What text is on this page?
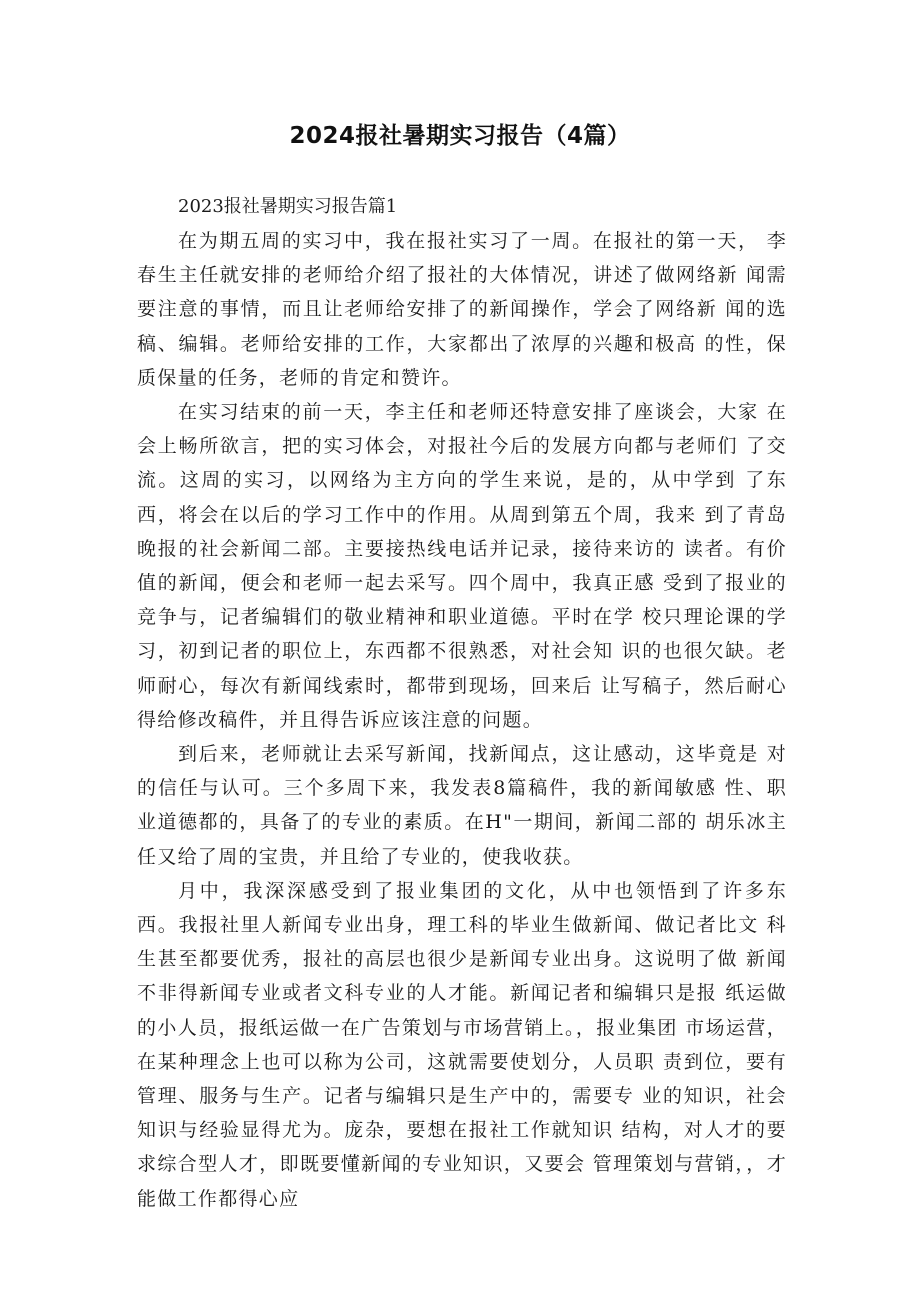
2024报社暑期实习报告（4篇）

2023报社暑期实习报告篇1

在为期五周的实习中，我在报社实习了一周。在报社的第一天， 李春生主任就安排的老师给介绍了报社的大体情况，讲述了做网络新 闻需要注意的事情，而且让老师给安排了的新闻操作，学会了网络新 闻的选稿、编辑。老师给安排的工作，大家都出了浓厚的兴趣和极高 的性，保质保量的任务，老师的肯定和赞许。

在实习结束的前一天，李主任和老师还特意安排了座谈会，大家 在会上畅所欲言，把的实习体会，对报社今后的发展方向都与老师们 了交流。这周的实习，以网络为主方向的学生来说，是的，从中学到 了东西，将会在以后的学习工作中的作用。从周到第五个周，我来 到了青岛晚报的社会新闻二部。主要接热线电话并记录，接待来访的 读者。有价值的新闻，便会和老师一起去采写。四个周中，我真正感 受到了报业的竞争与，记者编辑们的敬业精神和职业道德。平时在学 校只理论课的学习，初到记者的职位上，东西都不很熟悉，对社会知 识的也很欠缺。老师耐心，每次有新闻线索时，都带到现场，回来后 让写稿子，然后耐心得给修改稿件，并且得告诉应该注意的问题。

到后来，老师就让去采写新闻，找新闻点，这让感动，这毕竟是 对的信任与认可。三个多周下来，我发表8篇稿件，我的新闻敏感 性、职业道德都的，具备了的专业的素质。在H"一期间，新闻二部的 胡乐冰主任又给了周的宝贵，并且给了专业的，使我收获。

月中，我深深感受到了报业集团的文化，从中也领悟到了许多东 西。我报社里人新闻专业出身，理工科的毕业生做新闻、做记者比文 科生甚至都要优秀，报社的高层也很少是新闻专业出身。这说明了做 新闻不非得新闻专业或者文科专业的人才能。新闻记者和编辑只是报 纸运做的小人员，报纸运做一在广告策划与市场营销上。，报业集团 市场运营，在某种理念上也可以称为公司，这就需要使划分，人员职 责到位，要有管理、服务与生产。记者与编辑只是生产中的，需要专 业的知识，社会知识与经验显得尤为。庞杂，要想在报社工作就知识 结构，对人才的要求综合型人才，即既要懂新闻的专业知识，又要会 管理策划与营销，，才能做工作都得心应
